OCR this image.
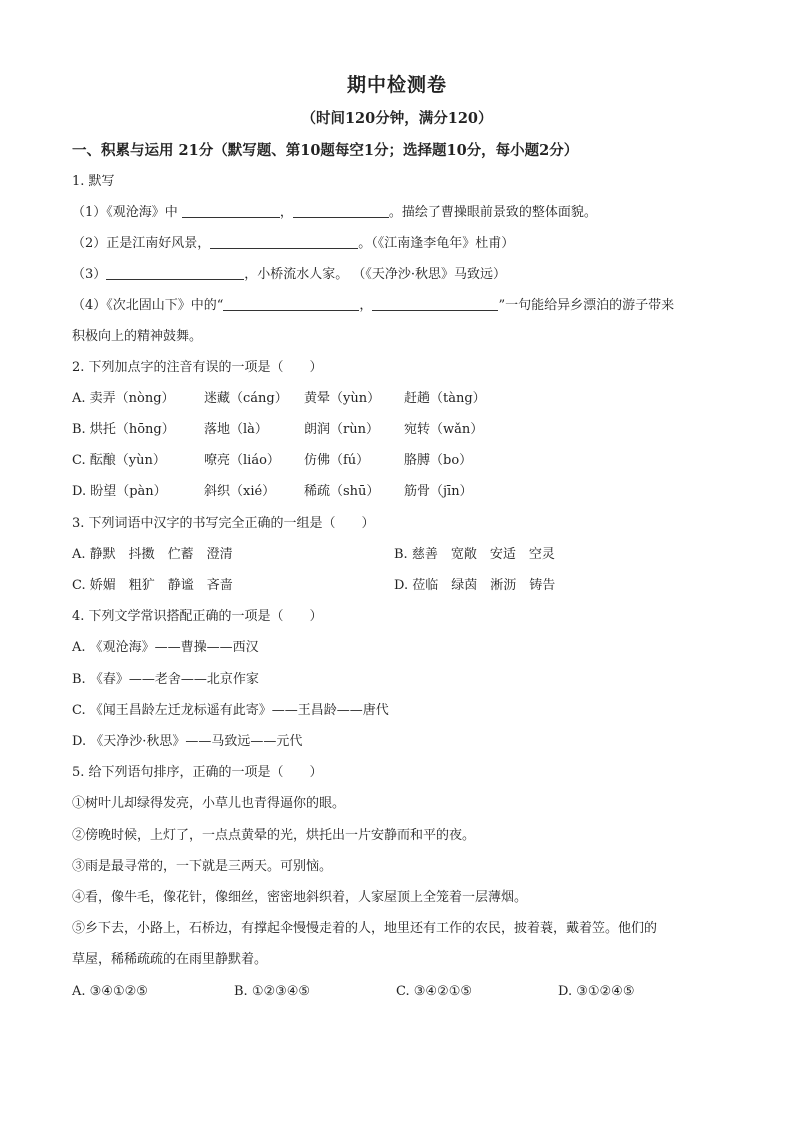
期中检测卷
（时间120分钟，满分120）
一、积累与运用 21分（默写题、第10题每空1分；选择题10分，每小题2分）
1. 默写
（1）《观沧海》中	，	。描绘了曹操眼前景致的整体面貌。
（2）正是江南好风景，	。（《江南逢李龟年》杜甫）
（3）	，小桥流水人家。 （《天净沙·秋思》马致远）
（4）《次北固山下》中的“	，	”一句能给异乡漂泊的游子带来
积极向上的精神鼓舞。
2. 下列加点字的注音有误的一项是（　　）
A. 卖弄（nòng） 迷藏（cáng） 黄晕（yùn） 赶趟（tàng）
B. 烘托（hōng） 落地（là）	朗润（rùn） 宛转（wǎn）
C. 酝酿（yùn）	嘹亮（liáo） 仿佛（fú）	胳膊（bo）
D. 盼望（pàn）	斜织（xié） 稀疏（shū） 筋骨（jīn）
3. 下列词语中汉字的书写完全正确的一组是（　　）
A. 静默　抖擞　伫蓄　澄清	B. 慈善　宽敞　安适　空灵
C. 娇媚　粗犷　静谧　吝啬	D. 莅临　绿茵　淅沥　铸告
4. 下列文学常识搭配正确的一项是（　　）
A. 《观沧海》——曹操——西汉
B. 《春》——老舍——北京作家
C. 《闻王昌龄左迁龙标遥有此寄》——王昌龄——唐代
D. 《天净沙·秋思》——马致远——元代
5. 给下列语句排序，正确的一项是（　　）
①树叶儿却绿得发亮，小草儿也青得逼你的眼。
②傍晚时候，上灯了，一点点黄晕的光，烘托出一片安静而和平的夜。
③雨是最寻常的，一下就是三两天。可别恼。
④看，像牛毛，像花针，像细丝，密密地斜织着，人家屋顶上全笼着一层薄烟。
⑤乡下去，小路上，石桥边，有撑起伞慢慢走着的人，地里还有工作的农民，披着蓑，戴着笠。他们的
草屋，稀稀疏疏的在雨里静默着。
A. ③④①②⑤	B. ①②③④⑤	C. ③④②①⑤	D. ③①②④⑤
